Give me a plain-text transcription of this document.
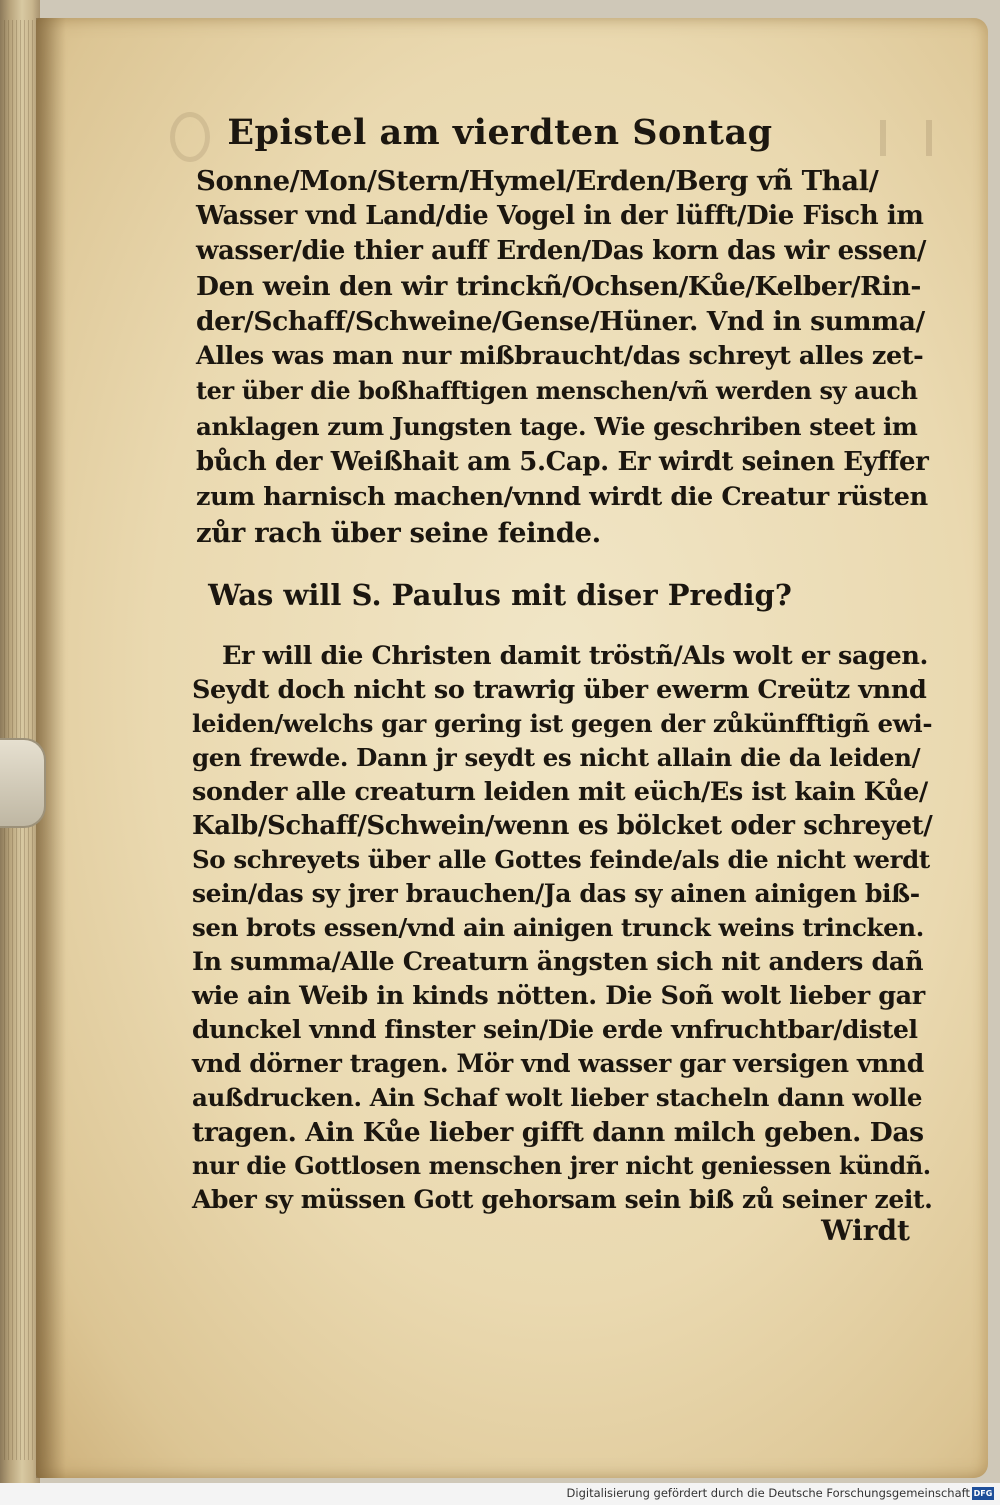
Epistel am vierdten Sontag
Sonne/Mon/Stern/Hymel/Erden/Berg vñ Thal/
Wasser vnd Land/die Vogel in der lüfft/Die Fisch im
wasser/die thier auff Erden/Das korn das wir essen/
Den wein den wir trinckñ/Ochsen/Kůe/Kelber/Rin-
der/Schaff/Schweine/Gense/Hüner. Vnd in summa/
Alles was man nur mißbraucht/das schreyt alles zet-
ter über die boßhafftigen menschen/vñ werden sy auch
anklagen zum Jungsten tage. Wie geschriben steet im
bůch der Weißhait am 5.Cap. Er wirdt seinen Eyffer
zum harnisch machen/vnnd wirdt die Creatur rüsten
zůr rach über seine feinde.
Was will S. Paulus mit diser Predig?
Er will die Christen damit tröstñ/Als wolt er sagen.
Seydt doch nicht so trawrig über ewerm Creütz vnnd
leiden/welchs gar gering ist gegen der zůkünfftigñ ewi-
gen frewde. Dann jr seydt es nicht allain die da leiden/
sonder alle creaturn leiden mit eüch/Es ist kain Kůe/
Kalb/Schaff/Schwein/wenn es bölcket oder schreyet/
So schreyets über alle Gottes feinde/als die nicht werdt
sein/das sy jrer brauchen/Ja das sy ainen ainigen biß-
sen brots essen/vnd ain ainigen trunck weins trincken.
In summa/Alle Creaturn ängsten sich nit anders dañ
wie ain Weib in kinds nötten. Die Soñ wolt lieber gar
dunckel vnnd finster sein/Die erde vnfruchtbar/distel
vnd dörner tragen. Mör vnd wasser gar versigen vnnd
außdrucken. Ain Schaf wolt lieber stacheln dann wolle
tragen. Ain Kůe lieber gifft dann milch geben. Das
nur die Gottlosen menschen jrer nicht geniessen kündñ.
Aber sy müssen Gott gehorsam sein biß zů seiner zeit.
Wirdt
Digitalisierung gefördert durch die Deutsche Forschungsgemeinschaft DFG
